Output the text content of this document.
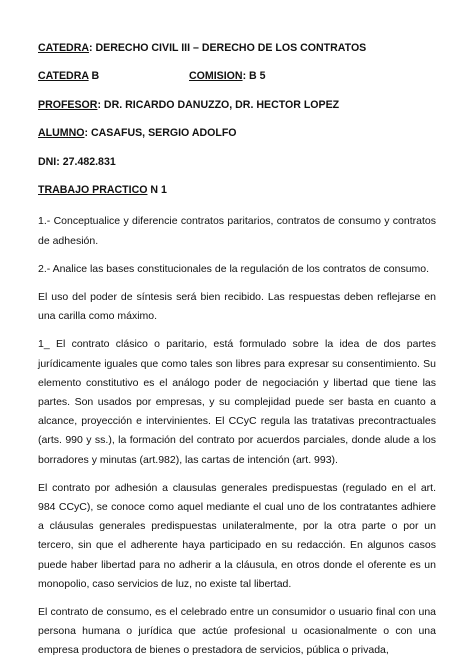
CATEDRA: DERECHO CIVIL III – DERECHO DE LOS CONTRATOS
CATEDRA B	COMISION: B 5
PROFESOR: DR. RICARDO DANUZZO, DR. HECTOR LOPEZ
ALUMNO: CASAFUS, SERGIO ADOLFO
DNI: 27.482.831
TRABAJO PRACTICO N 1

1.- Conceptualice y diferencie contratos paritarios, contratos de consumo y contratos de adhesión.

2.- Analice las bases constitucionales de la regulación de los contratos de consumo.

El uso del poder de síntesis será bien recibido. Las respuestas deben reflejarse en una carilla como máximo.

1_ El contrato clásico o paritario, está formulado sobre la idea de dos partes jurídicamente iguales que como tales son libres para expresar su consentimiento. Su elemento constitutivo es el análogo poder de negociación y libertad que tiene las partes. Son usados por empresas, y su complejidad puede ser basta en cuanto a alcance, proyección e intervinientes. El CCyC regula las tratativas precontractuales (arts. 990 y ss.), la formación del contrato por acuerdos parciales, donde alude a los borradores y minutas (art.982), las cartas de intención (art. 993).

El contrato por adhesión a clausulas generales predispuestas (regulado en el art. 984 CCyC), se conoce como aquel mediante el cual uno de los contratantes adhiere a cláusulas generales predispuestas unilateralmente, por la otra parte o por un tercero, sin que el adherente haya participado en su redacción. En algunos casos puede haber libertad para no adherir a la cláusula, en otros donde el oferente es un monopolio, caso servicios de luz, no existe tal libertad.

El contrato de consumo, es el celebrado entre un consumidor o usuario final con una persona humana o jurídica que actúe profesional u ocasionalmente o con una empresa productora de bienes o prestadora de servicios, pública o privada,
